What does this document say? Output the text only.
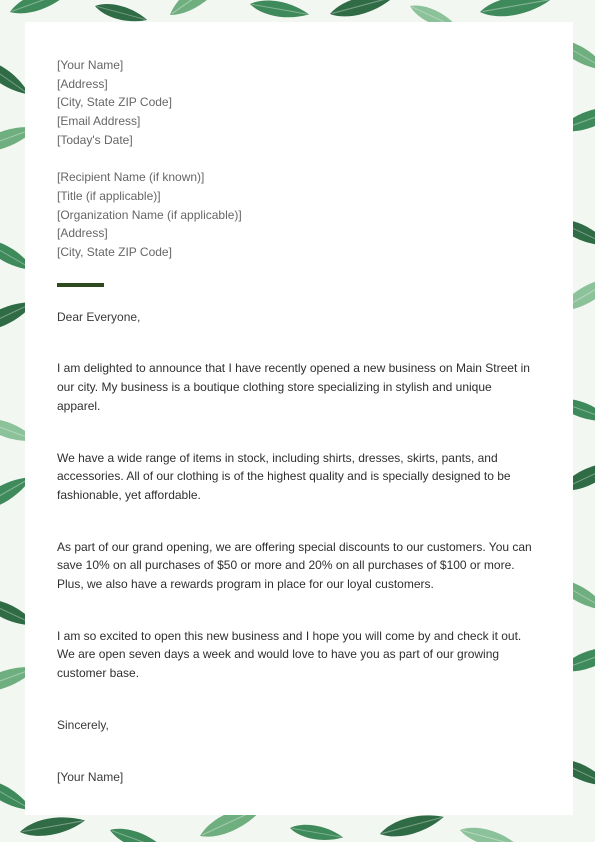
[Your Name]
[Address]
[City, State ZIP Code]
[Email Address]
[Today's Date]
[Recipient Name (if known)]
[Title (if applicable)]
[Organization Name (if applicable)]
[Address]
[City, State ZIP Code]

Dear Everyone,

I am delighted to announce that I have recently opened a new business on Main Street in our city. My business is a boutique clothing store specializing in stylish and unique apparel.

We have a wide range of items in stock, including shirts, dresses, skirts, pants, and accessories. All of our clothing is of the highest quality and is specially designed to be fashionable, yet affordable.

As part of our grand opening, we are offering special discounts to our customers. You can save 10% on all purchases of $50 or more and 20% on all purchases of $100 or more. Plus, we also have a rewards program in place for our loyal customers.

I am so excited to open this new business and I hope you will come by and check it out. We are open seven days a week and would love to have you as part of our growing customer base.

Sincerely,

[Your Name]
